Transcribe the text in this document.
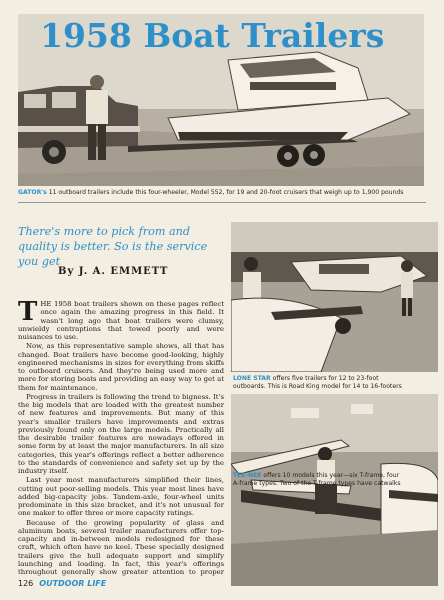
1958 Boat Trailers
GATOR's 11 outboard trailers include this four-wheeler, Model 552, for 19 and 20-foot cruisers that weigh up to 1,900 pounds
There's more to pick from and quality is better. So is the service you get
By J. A. EMMETT

THE 1958 boat trailers shown on these pages reflect once again the amazing progress in this field. It wasn't long ago that boat trailers were clumsy, unwieldy contraptions that towed poorly and were nuisances to use.

Now, as this representative sample shows, all that has changed. Boat trailers have become good-looking, highly engineered mechanisms in sizes for everything from skiffs to outboard cruisers. And they're being used more and more for storing boats and providing an easy way to get at them for maintenance.

Progress in trailers is following the trend to bigness. It's the big models that are loaded with the greatest number of new features and improvements. But many of this year's smaller trailers have improvements and extras previously found only on the large models. Practically all the desirable trailer features are nowadays offered in some form by at least the major manufacturers. In all size categories, this year's offerings reflect a better adherence to the standards of convenience and safety set up by the industry itself.

Last year most manufacturers simplified their lines, cutting out poor-selling models. This year most lines have added big-capacity jobs. Tandem-axle, four-wheel units predominate in this size bracket, and it's not unusual for one maker to offer three or more capacity ratings.

Because of the growing popularity of glass and aluminum boats, several trailer manufacturers offer top-capacity and in-between models redesigned for these craft, which often have no keel. These specially designed trailers give the hull adequate support and simplify launching and loading. In fact, this year's offerings throughout generally show greater attention to proper

126 OUTDOOR LIFE
LONE STAR offers five trailers for 12 to 23-foot
outboards. This is Road King model for 14 to 16-footers
TEE-NEE offers 10 models this year—six T-frame, four
A-frame types. Two of the T-frame types have catwalks
